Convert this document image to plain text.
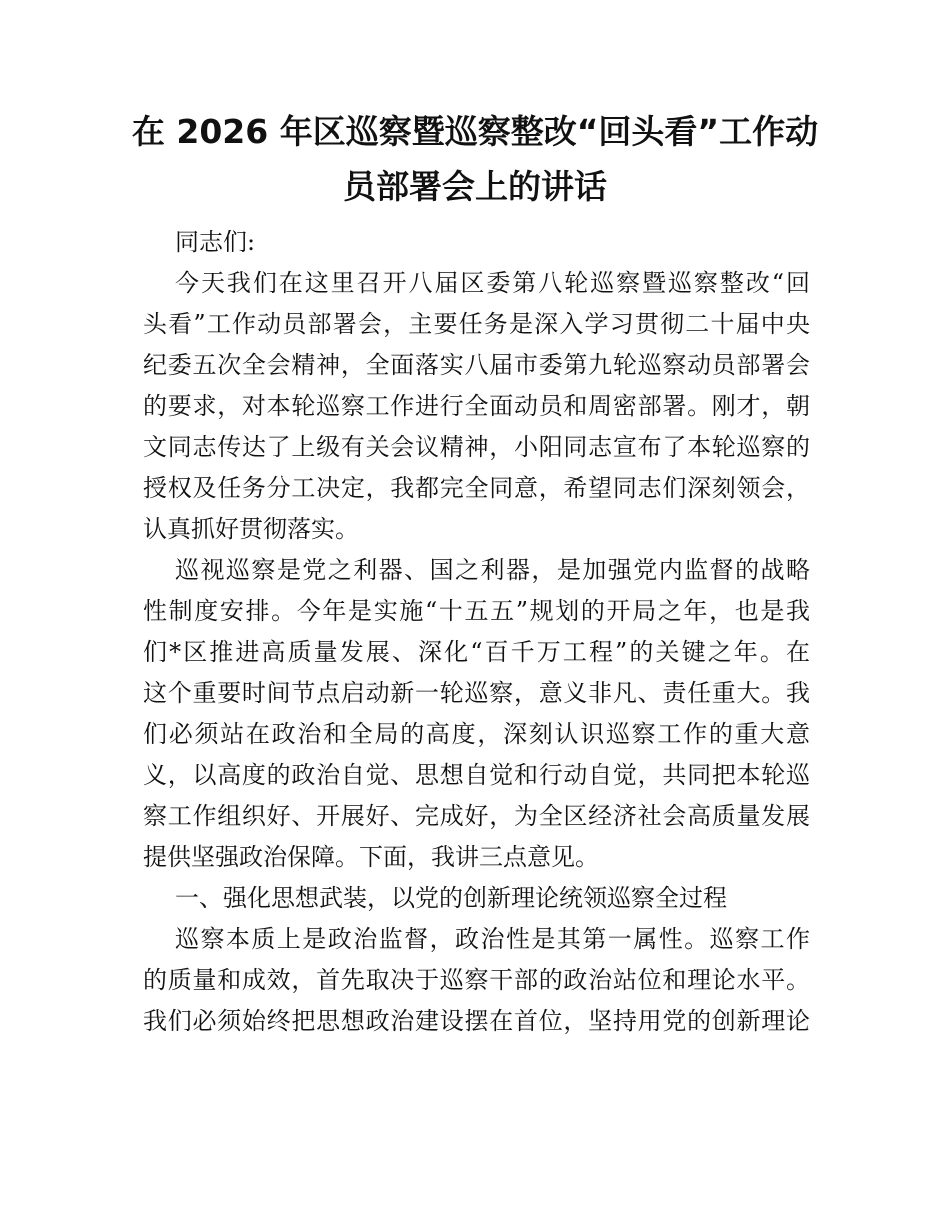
在 2026 年区巡察暨巡察整改“回头看”工作动
员部署会上的讲话
同志们:
今天我们在这里召开八届区委第八轮巡察暨巡察整改“回
头看”工作动员部署会，主要任务是深入学习贯彻二十届中央
纪委五次全会精神，全面落实八届市委第九轮巡察动员部署会
的要求，对本轮巡察工作进行全面动员和周密部署。刚才，朝
文同志传达了上级有关会议精神，小阳同志宣布了本轮巡察的
授权及任务分工决定，我都完全同意，希望同志们深刻领会，
认真抓好贯彻落实。
巡视巡察是党之利器、国之利器，是加强党内监督的战略
性制度安排。今年是实施“十五五”规划的开局之年，也是我
们*区推进高质量发展、深化“百千万工程”的关键之年。在
这个重要时间节点启动新一轮巡察，意义非凡、责任重大。我
们必须站在政治和全局的高度，深刻认识巡察工作的重大意
义，以高度的政治自觉、思想自觉和行动自觉，共同把本轮巡
察工作组织好、开展好、完成好，为全区经济社会高质量发展
提供坚强政治保障。下面，我讲三点意见。
一、强化思想武装，以党的创新理论统领巡察全过程
巡察本质上是政治监督，政治性是其第一属性。巡察工作
的质量和成效，首先取决于巡察干部的政治站位和理论水平。
我们必须始终把思想政治建设摆在首位，坚持用党的创新理论
